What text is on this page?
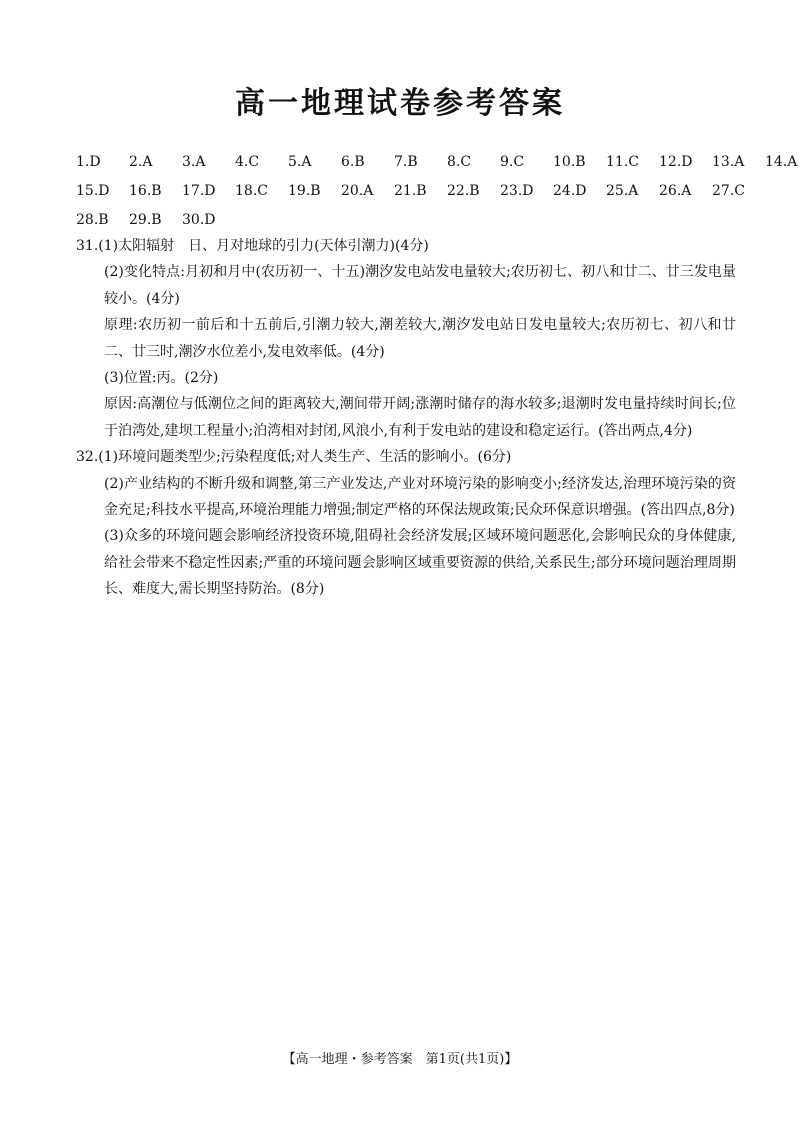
高一地理试卷参考答案
1.D	2.A	3.A	4.C	5.A	6.B	7.B	8.C	9.C	10.B	11.C	12.D	13.A	14.A
15.D	16.B	17.D	18.C	19.B	20.A	21.B	22.B	23.D	24.D	25.A	26.A	27.C
28.B	29.B	30.D

31.(1)太阳辐射　日、月对地球的引力(天体引潮力)(4分)

(2)变化特点:月初和月中(农历初一、十五)潮汐发电站发电量较大;农历初七、初八和廿二、廿三发电量较小。(4分)

原理:农历初一前后和十五前后,引潮力较大,潮差较大,潮汐发电站日发电量较大;农历初七、初八和廿二、廿三时,潮汐水位差小,发电效率低。(4分)

(3)位置:丙。(2分)

原因:高潮位与低潮位之间的距离较大,潮间带开阔;涨潮时储存的海水较多;退潮时发电量持续时间长;位于泊湾处,建坝工程量小;泊湾相对封闭,风浪小,有利于发电站的建设和稳定运行。(答出两点,4分)

32.(1)环境问题类型少;污染程度低;对人类生产、生活的影响小。(6分)

(2)产业结构的不断升级和调整,第三产业发达,产业对环境污染的影响变小;经济发达,治理环境污染的资金充足;科技水平提高,环境治理能力增强;制定严格的环保法规政策;民众环保意识增强。(答出四点,8分)

(3)众多的环境问题会影响经济投资环境,阻碍社会经济发展;区域环境问题恶化,会影响民众的身体健康,给社会带来不稳定性因素;严重的环境问题会影响区域重要资源的供给,关系民生;部分环境问题治理周期长、难度大,需长期坚持防治。(8分)

【高一地理・参考答案　第1页(共1页)】
